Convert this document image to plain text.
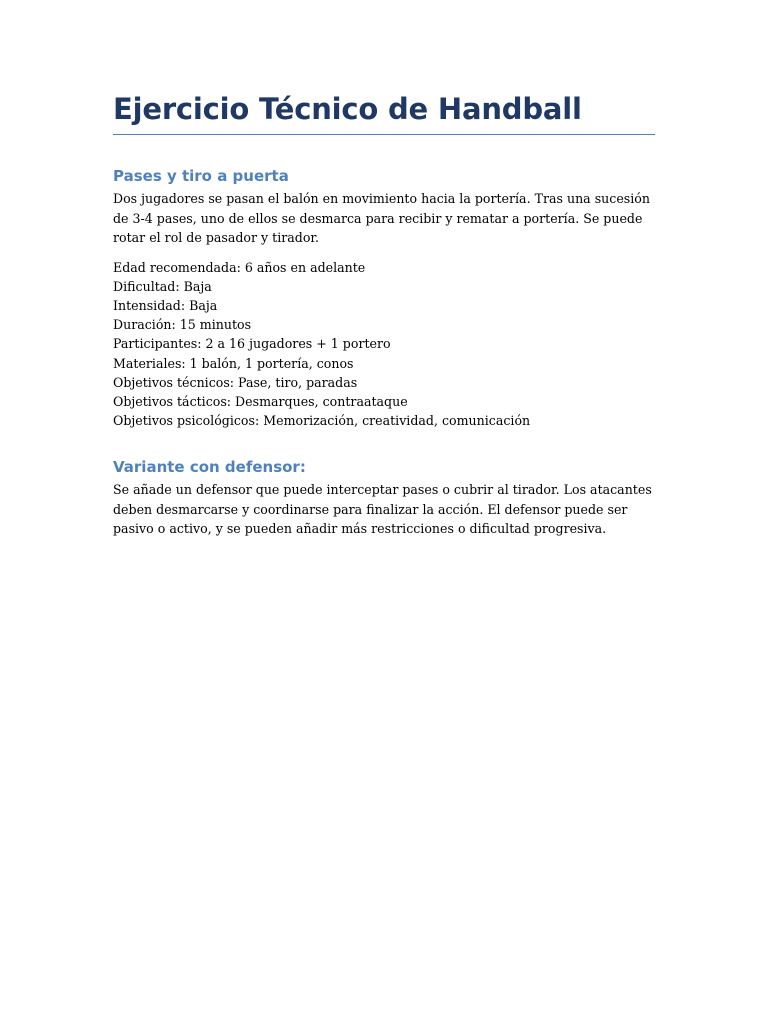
Ejercicio Técnico de Handball
Pases y tiro a puerta

Dos jugadores se pasan el balón en movimiento hacia la portería. Tras una sucesión de 3-4 pases, uno de ellos se desmarca para recibir y rematar a portería. Se puede rotar el rol de pasador y tirador.

Edad recomendada: 6 años en adelante
Dificultad: Baja
Intensidad: Baja
Duración: 15 minutos
Participantes: 2 a 16 jugadores + 1 portero
Materiales: 1 balón, 1 portería, conos
Objetivos técnicos: Pase, tiro, paradas
Objetivos tácticos: Desmarques, contraataque
Objetivos psicológicos: Memorización, creatividad, comunicación
Variante con defensor:

Se añade un defensor que puede interceptar pases o cubrir al tirador. Los atacantes deben desmarcarse y coordinarse para finalizar la acción. El defensor puede ser pasivo o activo, y se pueden añadir más restricciones o dificultad progresiva.
